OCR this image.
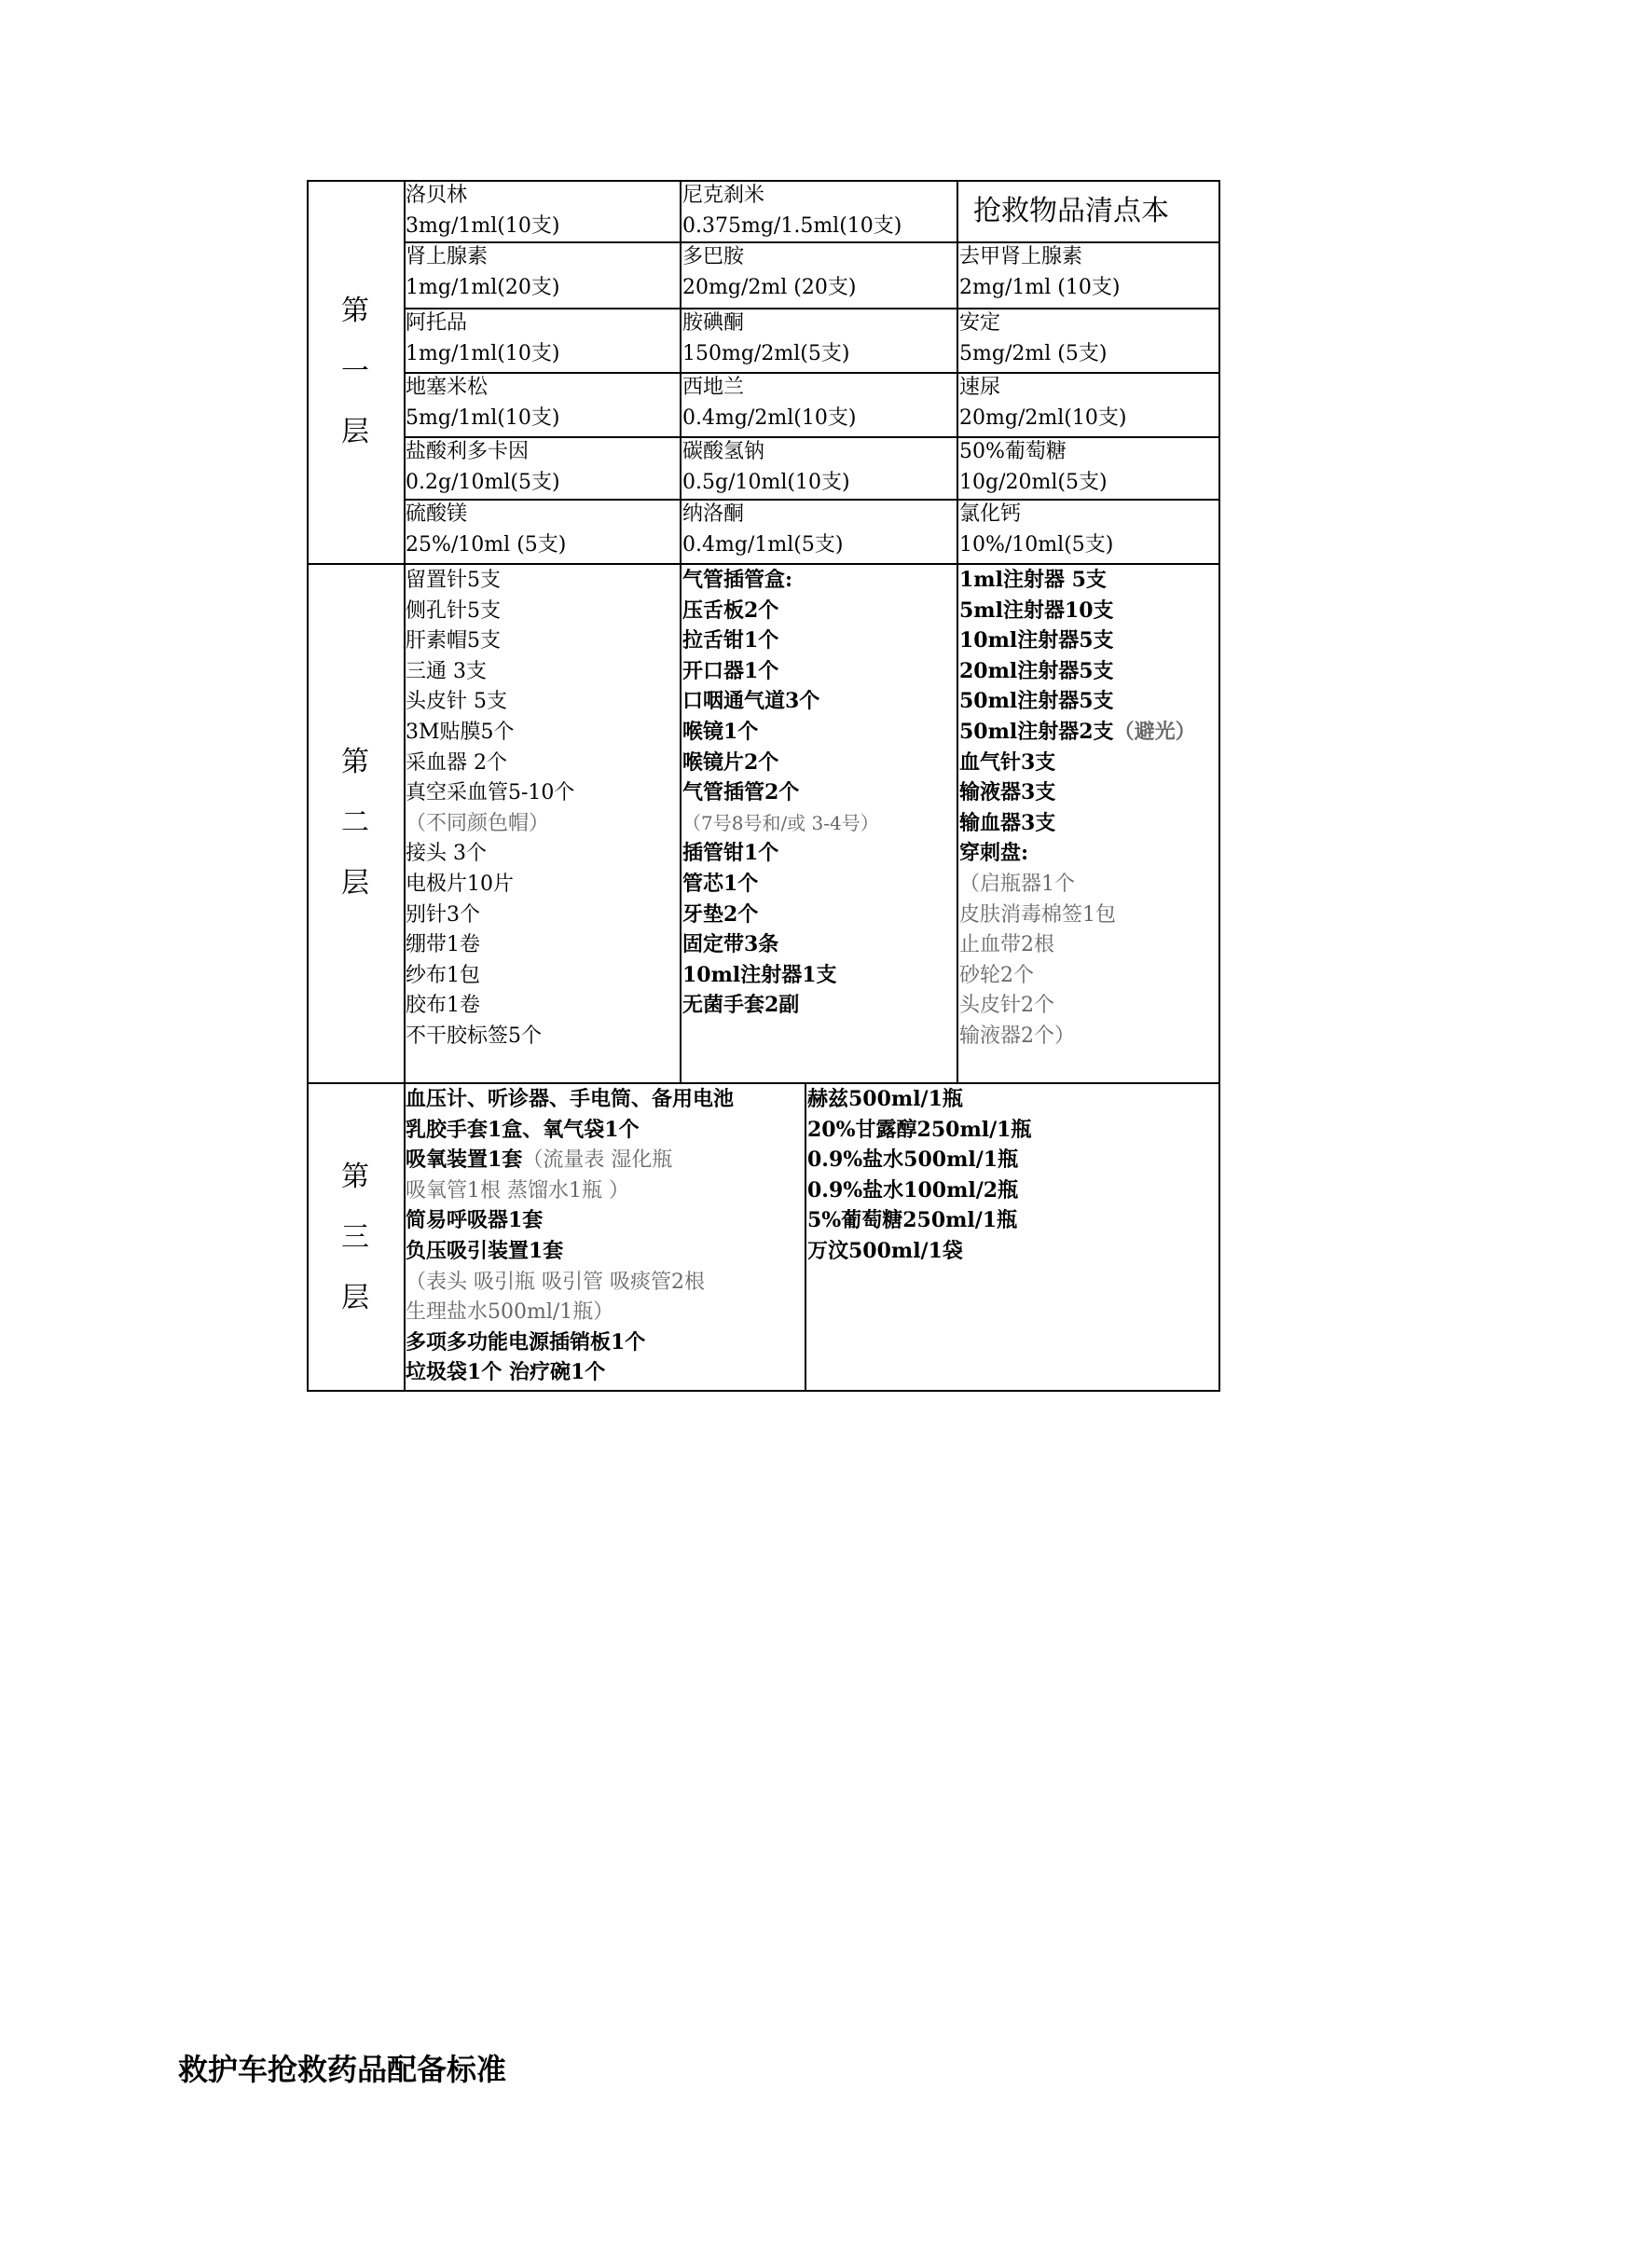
第
一
层
第
二
层
第
三
层
抢救物品清点本
洛贝林
3mg/1ml(10支)
尼克刹米
0.375mg/1.5ml(10支)
肾上腺素
1mg/1ml(20支)
多巴胺
20mg/2ml (20支)
去甲肾上腺素
2mg/1ml (10支)
阿托品
1mg/1ml(10支)
胺碘酮
150mg/2ml(5支)
安定
5mg/2ml (5支)
地塞米松
5mg/1ml(10支)
西地兰
0.4mg/2ml(10支)
速尿
20mg/2ml(10支)
盐酸利多卡因
0.2g/10ml(5支)
碳酸氢钠
0.5g/10ml(10支)
50%葡萄糖
10g/20ml(5支)
硫酸镁
25%/10ml (5支)
纳洛酮
0.4mg/1ml(5支)
氯化钙
10%/10ml(5支)
留置针5支
侧孔针5支
肝素帽5支
三通 3支
头皮针 5支
3M贴膜5个
采血器 2个
真空采血管5-10个
（不同颜色帽）
接头 3个
电极片10片
别针3个
绷带1卷
纱布1包
胶布1卷
不干胶标签5个
气管插管盒:
压舌板2个
拉舌钳1个
开口器1个
口咽通气道3个
喉镜1个
喉镜片2个
气管插管2个
（7号8号和/或 3-4号）
插管钳1个
管芯1个
牙垫2个
固定带3条
10ml注射器1支
无菌手套2副
1ml注射器 5支
5ml注射器10支
10ml注射器5支
20ml注射器5支
50ml注射器5支
50ml注射器2支（避光）
血气针3支
输液器3支
输血器3支
穿刺盘:
（启瓶器1个
皮肤消毒棉签1包
止血带2根
砂轮2个
头皮针2个
输液器2个）
血压计、听诊器、手电筒、备用电池
乳胶手套1盒、氧气袋1个
吸氧装置1套（流量表 湿化瓶
吸氧管1根 蒸馏水1瓶 ）
简易呼吸器1套
负压吸引装置1套
（表头 吸引瓶 吸引管 吸痰管2根
生理盐水500ml/1瓶）
多项多功能电源插销板1个
垃圾袋1个 治疗碗1个
赫兹500ml/1瓶
20%甘露醇250ml/1瓶
0.9%盐水500ml/1瓶
0.9%盐水100ml/2瓶
5%葡萄糖250ml/1瓶
万汶500ml/1袋
救护车抢救药品配备标准
